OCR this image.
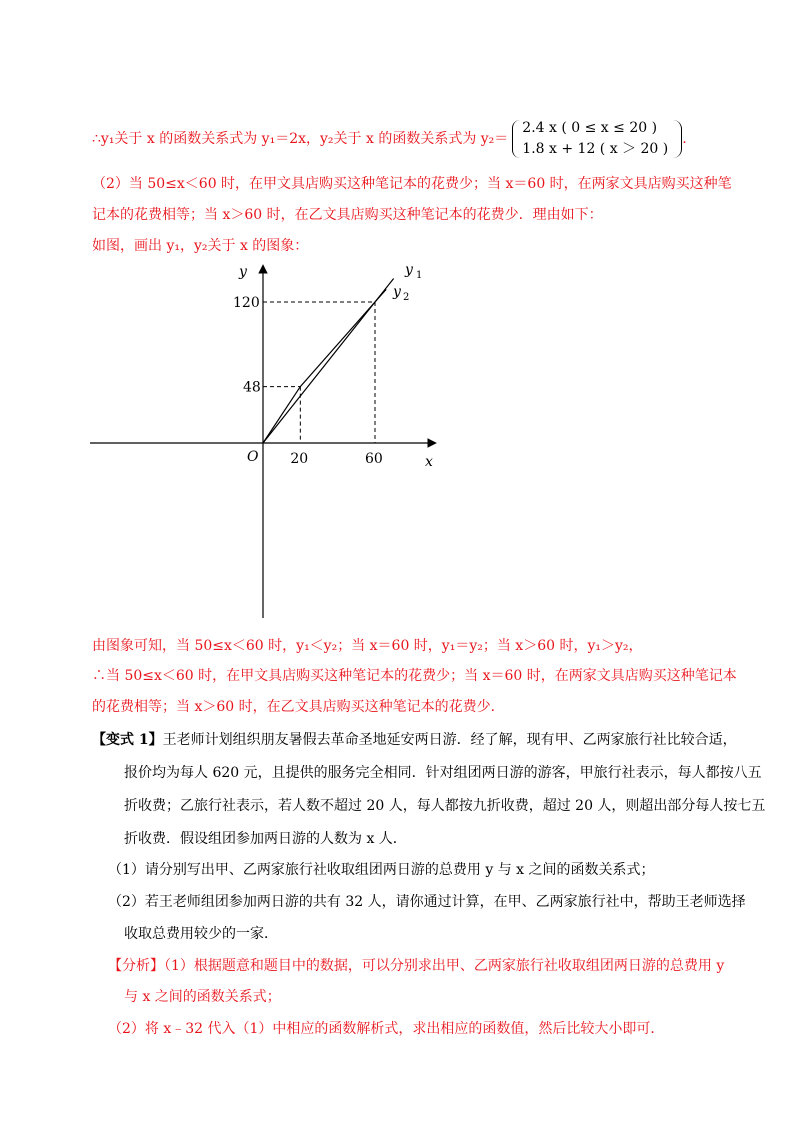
∴y₁关于 x 的函数关系式为 y₁＝2x，y₂关于 x 的函数关系式为 y₂＝
2.4 x ( 0 ≤ x ≤ 20 )
1.8 x + 12 ( x ＞ 20 )
.
（2）当 50≤x＜60 时，在甲文具店购买这种笔记本的花费少；当 x＝60 时，在两家文具店购买这种笔
记本的花费相等；当 x＞60 时，在乙文具店购买这种笔记本的花费少．理由如下：
如图，画出 y₁，y₂关于 x 的图象：
y
x
O 20	60
48
120
y 1
y 2
由图象可知，当 50≤x＜60 时，y₁＜y₂；当 x＝60 时，y₁＝y₂；当 x＞60 时，y₁＞y₂，
∴当 50≤x＜60 时，在甲文具店购买这种笔记本的花费少；当 x＝60 时，在两家文具店购买这种笔记本
的花费相等；当 x＞60 时，在乙文具店购买这种笔记本的花费少．
【变式 1】王老师计划组织朋友暑假去革命圣地延安两日游．经了解，现有甲、乙两家旅行社比较合适，
报价均为每人 620 元，且提供的服务完全相同．针对组团两日游的游客，甲旅行社表示，每人都按八五
折收费；乙旅行社表示，若人数不超过 20 人，每人都按九折收费，超过 20 人，则超出部分每人按七五
折收费．假设组团参加两日游的人数为 x 人．
（1）请分别写出甲、乙两家旅行社收取组团两日游的总费用 y 与 x 之间的函数关系式；
（2）若王老师组团参加两日游的共有 32 人，请你通过计算，在甲、乙两家旅行社中，帮助王老师选择
收取总费用较少的一家．
【分析】（1）根据题意和题目中的数据，可以分别求出甲、乙两家旅行社收取组团两日游的总费用 y
与 x 之间的函数关系式；
（2）将 x﹣32 代入（1）中相应的函数解析式，求出相应的函数值，然后比较大小即可．
